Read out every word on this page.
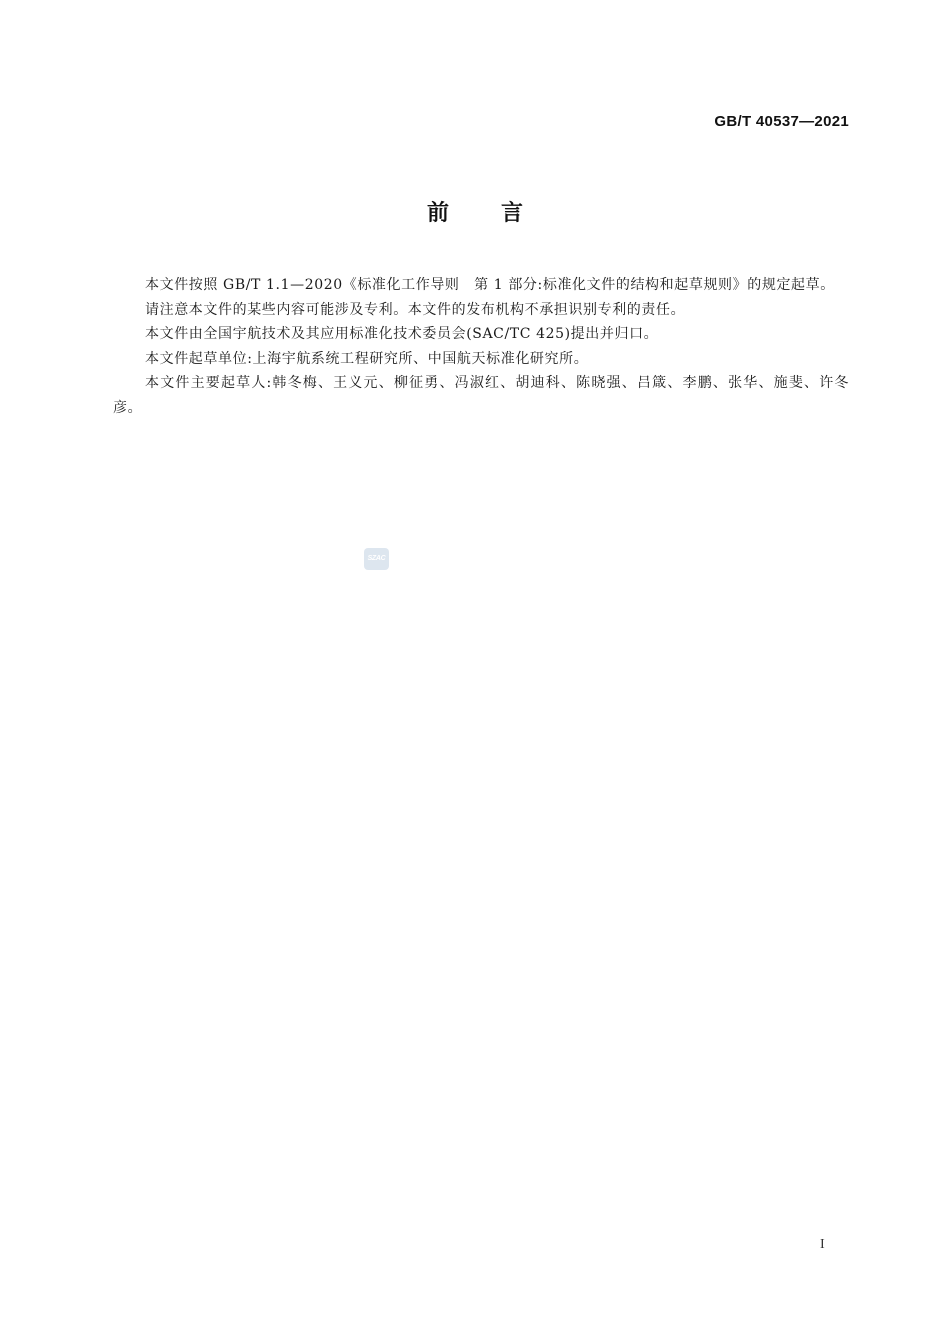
GB/T 40537—2021
前言

本文件按照 GB/T 1.1—2020《标准化工作导则　第 1 部分:标准化文件的结构和起草规则》的规定起草。

请注意本文件的某些内容可能涉及专利。本文件的发布机构不承担识别专利的责任。

本文件由全国宇航技术及其应用标准化技术委员会(SAC/TC 425)提出并归口。

本文件起草单位:上海宇航系统工程研究所、中国航天标准化研究所。

本文件主要起草人:韩冬梅、王义元、柳征勇、冯淑红、胡迪科、陈晓强、吕箴、李鹏、张华、施斐、许冬彦。

SZAC
I
